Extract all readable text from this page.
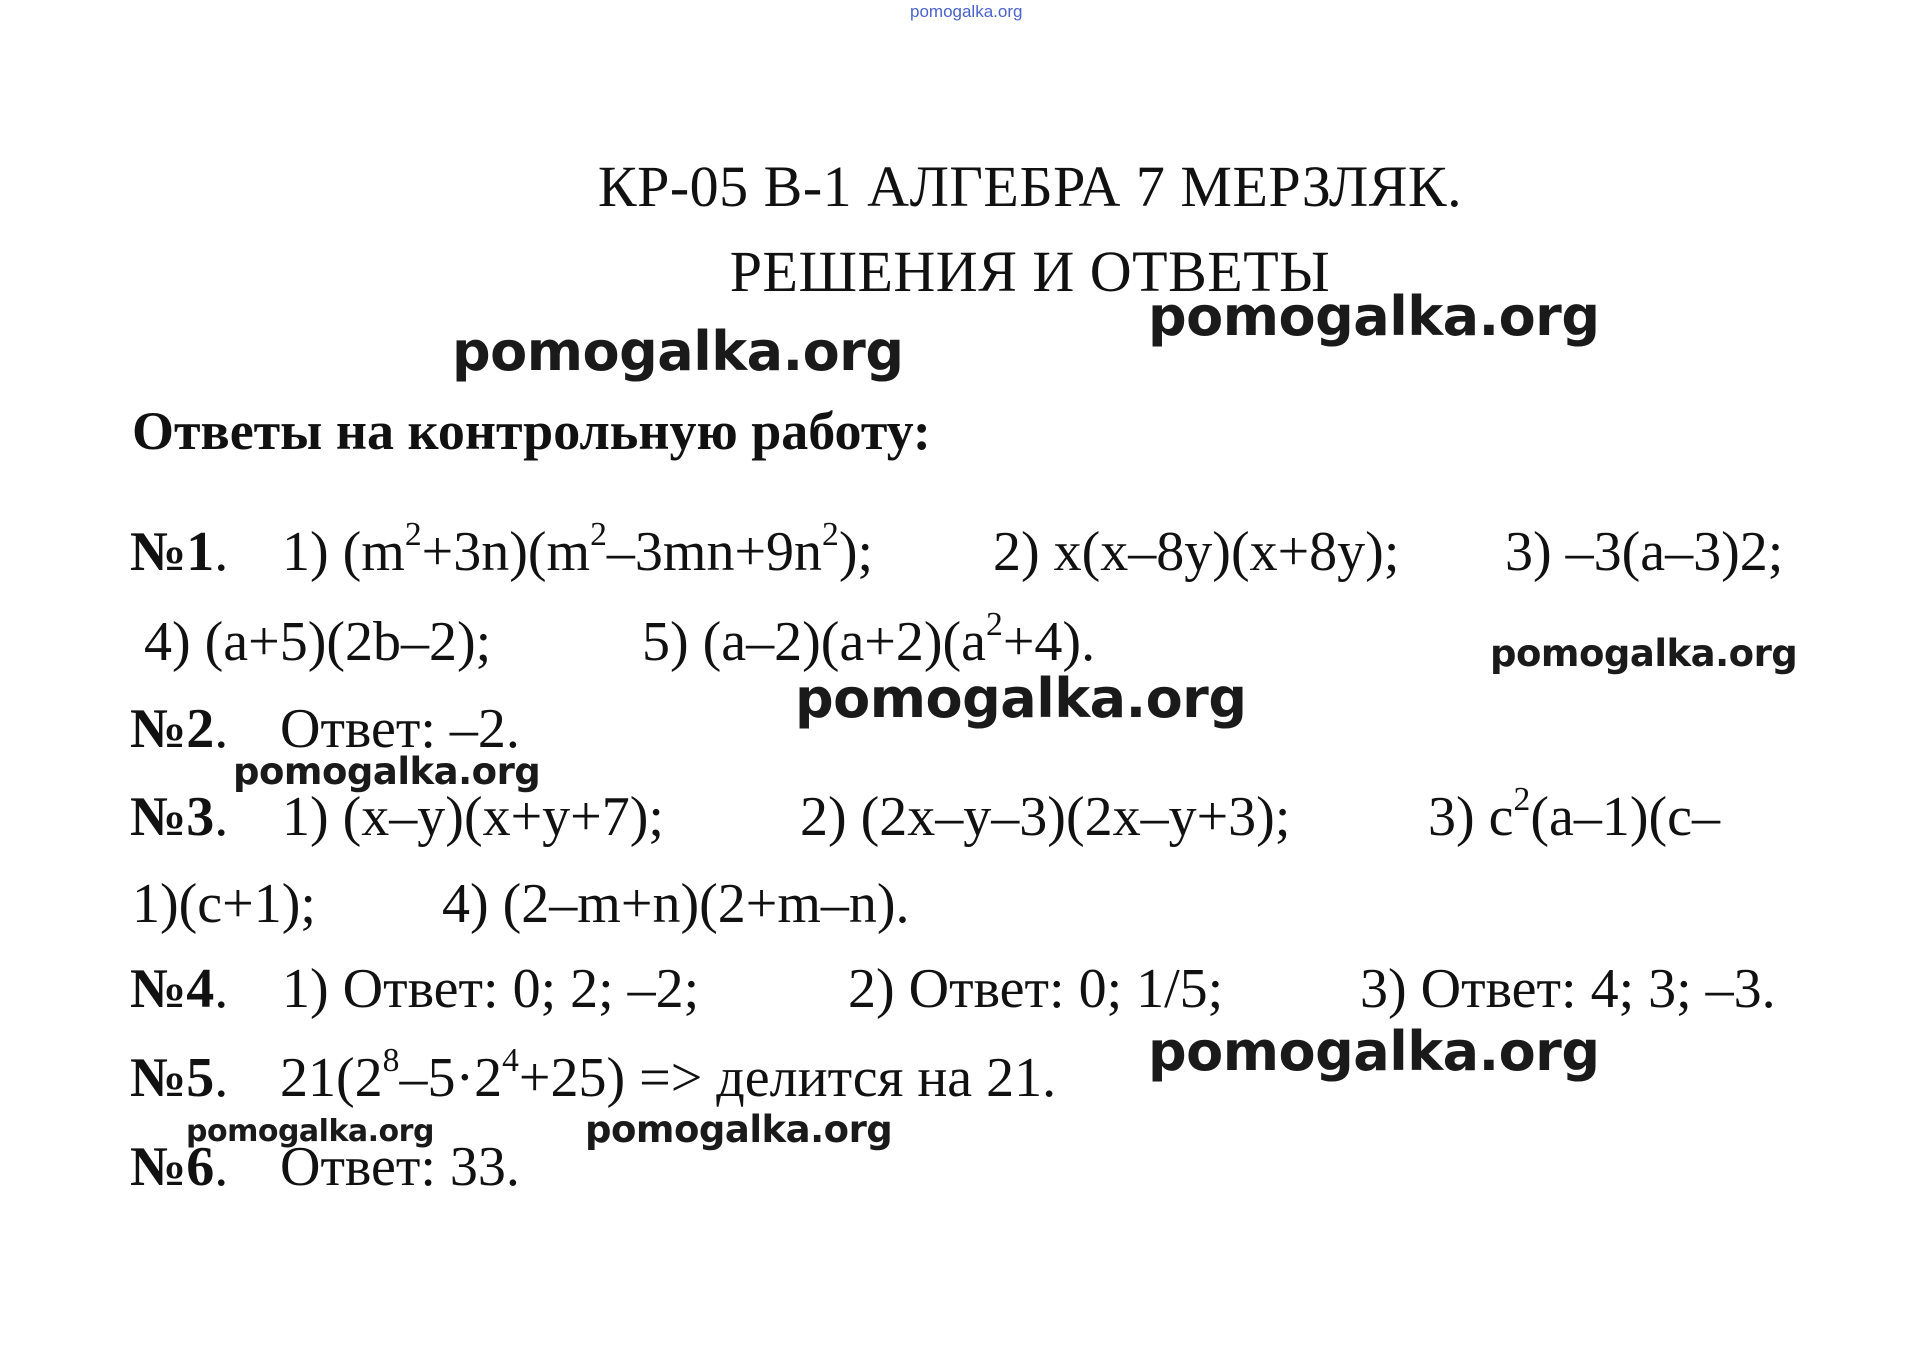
pomogalka.org
КР-05 В-1 АЛГЕБРА 7 МЕРЗЛЯК.
РЕШЕНИЯ И ОТВЕТЫ
Ответы на контрольную работу:
№1. 1) $(m^2+3n)(m^2-3mn+9n^2)$; 2) x(x–8y)(x+8y); 3) –3(a–3)2;
4) (a+5)(2b–2);	5) $(a-2)(a+2)(a^2+4)$.
№2. Ответ: –2.
№3. 1) (x–y)(x+y+7); 2) (2x–y–3)(2x–y+3); 3) $c^2(a-1)(c-$
1)(c+1); 4) (2–m+n)(2+m–n).
№4. 1) Ответ: 0; 2; –2;	2) Ответ: 0; 1/5; 3) Ответ: 4; 3; –3.
№5. $21(2^8-5\cdot 2^4+25)$ => делится на 21.
№6. Ответ: 33.
pomogalka.org
pomogalka.org
pomogalka.org
pomogalka.org
pomogalka.org
pomogalka.org
pomogalka.org	pomogalka.org
